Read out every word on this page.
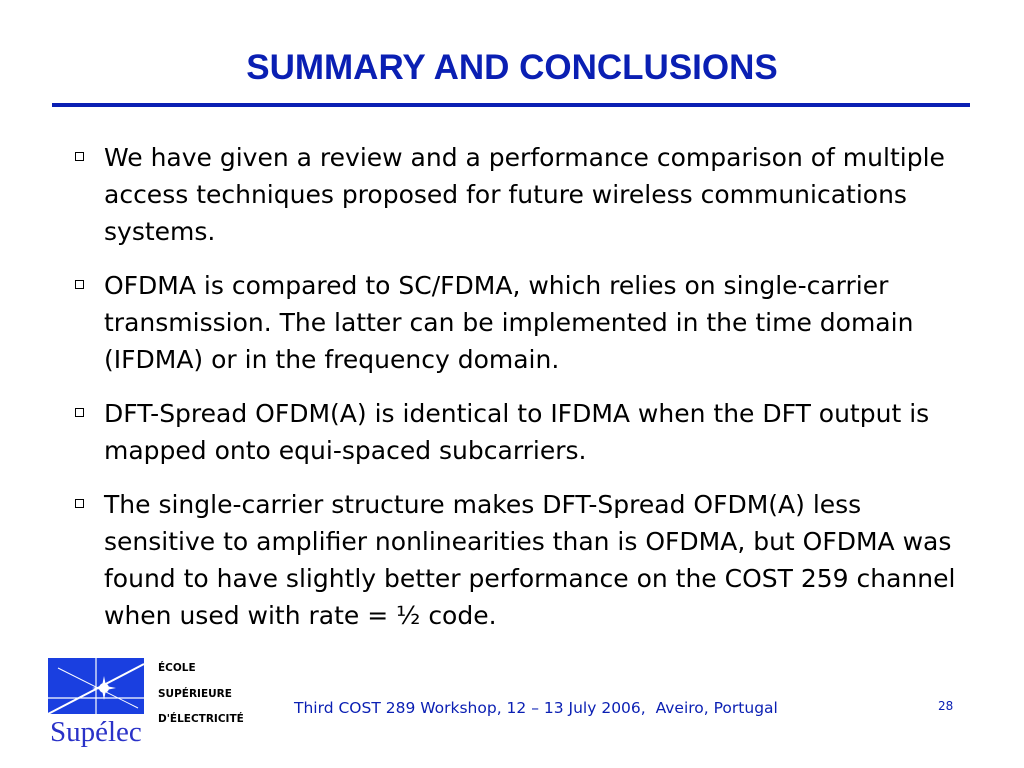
SUMMARY AND CONCLUSIONS
We have given a review and a performance comparison of multiple access techniques proposed for future wireless communications systems.
OFDMA is compared to SC/FDMA, which relies on single-carrier transmission. The latter can be implemented in the time domain (IFDMA) or in the frequency domain.
DFT-Spread OFDM(A) is identical to IFDMA when the DFT output is mapped onto equi-spaced subcarriers.
The single-carrier structure makes DFT-Spread OFDM(A) less sensitive to amplifier nonlinearities than is OFDMA, but OFDMA was found to have slightly better performance on the COST 259 channel when used with rate = ½ code.
Supélec
ÉCOLE
SUPÉRIEURE
D'ÉLECTRICITÉ
Third COST 289 Workshop, 12 – 13 July 2006,  Aveiro, Portugal	28
